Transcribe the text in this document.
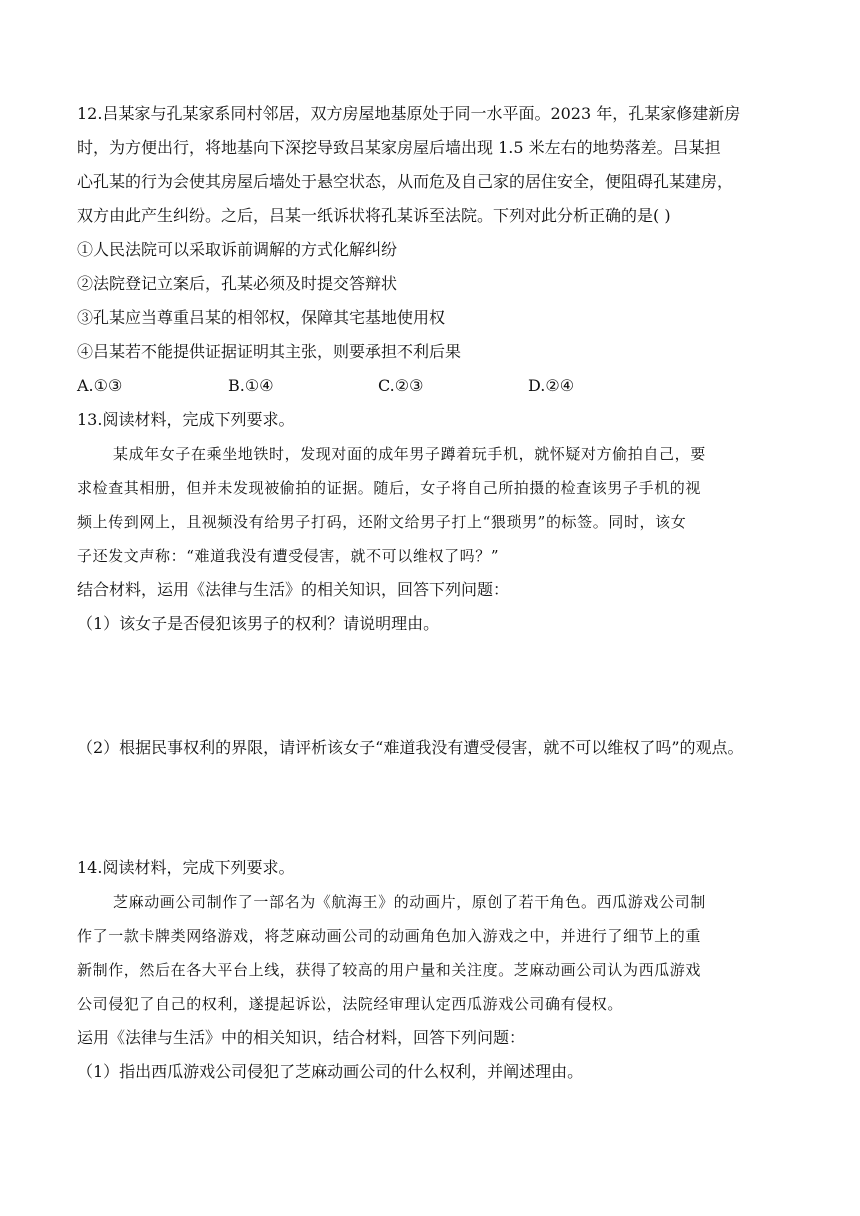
12.吕某家与孔某家系同村邻居，双方房屋地基原处于同一水平面。2023 年，孔某家修建新房
时，为方便出行，将地基向下深挖导致吕某家房屋后墙出现 1.5 米左右的地势落差。吕某担
心孔某的行为会使其房屋后墙处于悬空状态，从而危及自己家的居住安全，便阻碍孔某建房，
双方由此产生纠纷。之后，吕某一纸诉状将孔某诉至法院。下列对此分析正确的是( )
①人民法院可以采取诉前调解的方式化解纠纷
②法院登记立案后，孔某必须及时提交答辩状
③孔某应当尊重吕某的相邻权，保障其宅基地使用权
④吕某若不能提供证据证明其主张，则要承担不利后果
A.①③	B.①④	C.②③	D.②④
13.阅读材料，完成下列要求。
某成年女子在乘坐地铁时，发现对面的成年男子蹲着玩手机，就怀疑对方偷拍自己，要
求检查其相册，但并未发现被偷拍的证据。随后，女子将自己所拍摄的检查该男子手机的视
频上传到网上，且视频没有给男子打码，还附文给男子打上“猥琐男”的标签。同时，该女
子还发文声称：“难道我没有遭受侵害，就不可以维权了吗？”
结合材料，运用《法律与生活》的相关知识，回答下列问题：
（1）该女子是否侵犯该男子的权利？请说明理由。
（2）根据民事权利的界限，请评析该女子“难道我没有遭受侵害，就不可以维权了吗”的观点。
14.阅读材料，完成下列要求。
芝麻动画公司制作了一部名为《航海王》的动画片，原创了若干角色。西瓜游戏公司制
作了一款卡牌类网络游戏，将芝麻动画公司的动画角色加入游戏之中，并进行了细节上的重
新制作，然后在各大平台上线，获得了较高的用户量和关注度。芝麻动画公司认为西瓜游戏
公司侵犯了自己的权利，遂提起诉讼，法院经审理认定西瓜游戏公司确有侵权。
运用《法律与生活》中的相关知识，结合材料，回答下列问题：
（1）指出西瓜游戏公司侵犯了芝麻动画公司的什么权利，并阐述理由。
